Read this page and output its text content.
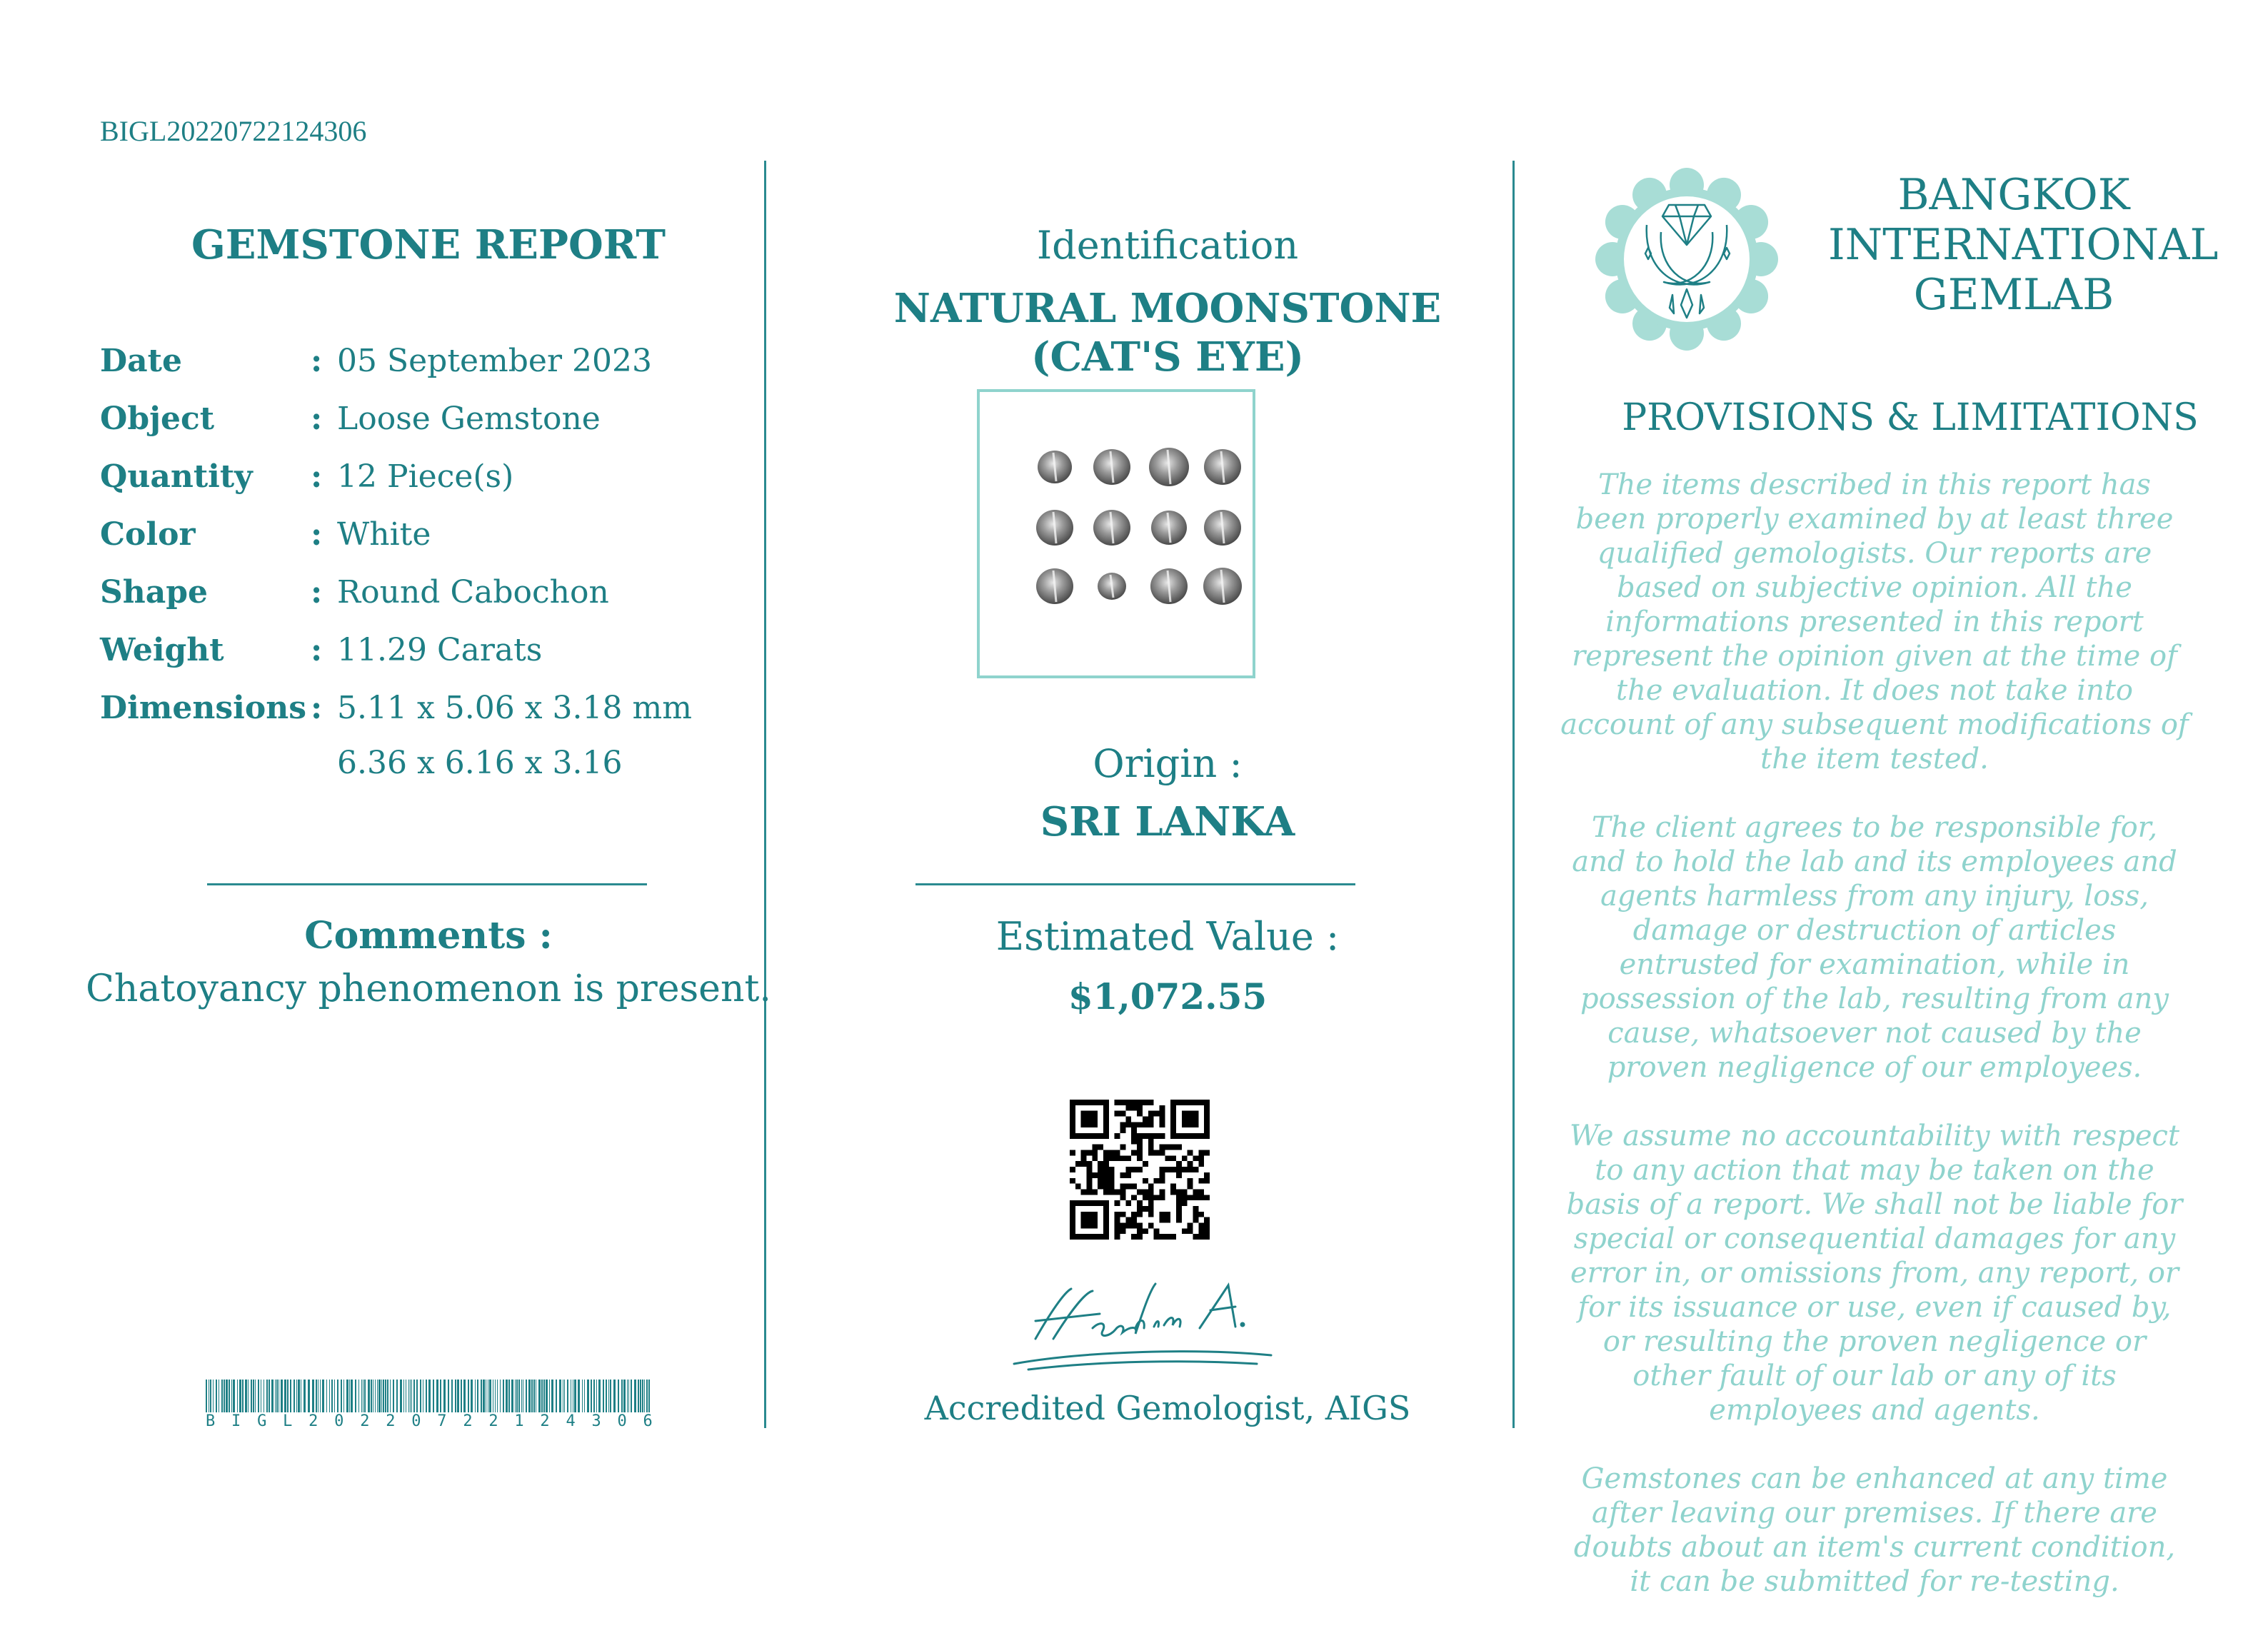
BIGL20220722124306
GEMSTONE REPORT
Date	: 05 September 2023
Object	: Loose Gemstone
Quantity : 12 Piece(s)
Color	: White
Shape	: Round Cabochon
Weight	: 11.29 Carats
Dimensions : 5.11 x 5.06 x 3.18 mm
6.36 x 6.16 x 3.16
Comments :
Chatoyancy phenomenon is present.
B I G L 2 0 2 2 0 7 2 2 1 2 4 3 0 6
Identification
NATURAL MOONSTONE
(CAT'S EYE)
Origin :
SRI LANKA
Estimated Value :
$1,072.55
Accredited Gemologist, AIGS
BANGKOK
INTERNATIONAL
GEMLAB
PROVISIONS & LIMITATIONS

The items described in this report has been properly examined by at least three qualified gemologists. Our reports are based on subjective opinion. All the informations presented in this report represent the opinion given at the time of the evaluation. It does not take into account of any subsequent modifications of the item tested.

The client agrees to be responsible for, and to hold the lab and its employees and agents harmless from any injury, loss, damage or destruction of articles entrusted for examination, while in possession of the lab, resulting from any cause, whatsoever not caused by the proven negligence of our employees.

We assume no accountability with respect to any action that may be taken on the basis of a report. We shall not be liable for special or consequential damages for any error in, or omissions from, any report, or for its issuance or use, even if caused by, or resulting the proven negligence or other fault of our lab or any of its employees and agents.

Gemstones can be enhanced at any time after leaving our premises. If there are doubts about an item's current condition, it can be submitted for re-testing.
